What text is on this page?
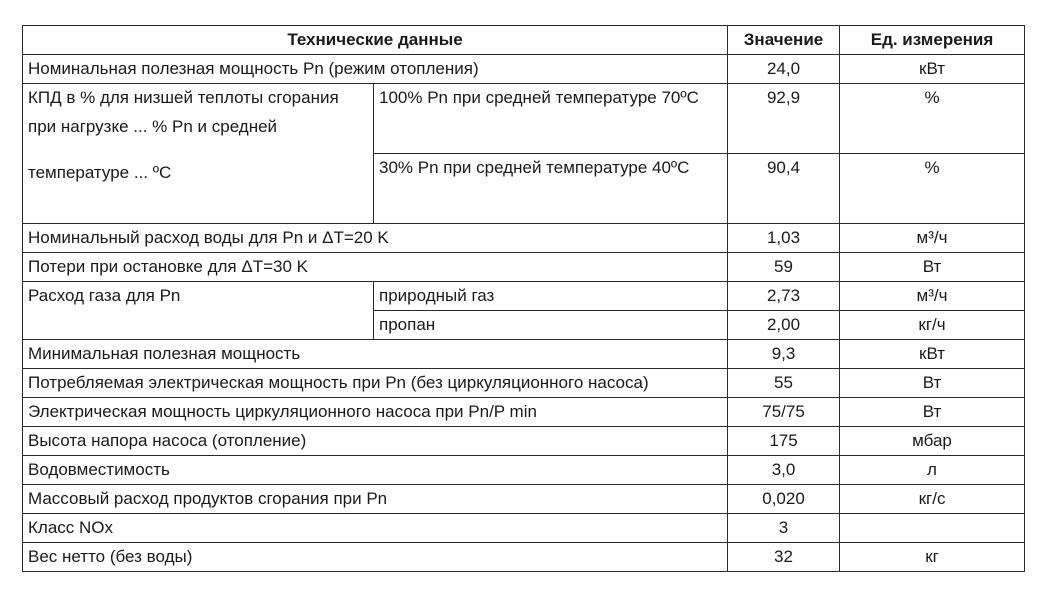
Технические данные		Значение	Ед. измерения
Номинальная полезная мощность Pn (режим отопления)		24,0	кВт

КПД в % для низшей теплоты сгорания
при нагрузке ... % Pn и средней
температуре ... ºС	100% Pn при средней температуре 70ºС	92,9	%
	30% Pn при средней температуре 40ºС	90,4	%
Номинальный расход воды для Pn и ΔT=20 K		1,03	м³/ч
Потери при остановке для ΔT=30 K		59	Вт
Расход газа для Pn	природный газ	2,73	м³/ч
	пропан	2,00	кг/ч
Минимальная полезная мощность		9,3	кВт
Потребляемая электрическая мощность при Pn (без циркуляционного насоса)		55	Вт
Электрическая мощность циркуляционного насоса при Pn/P min		75/75	Вт
Высота напора насоса (отопление)		175	мбар
Водовместимость		3,0	л
Массовый расход продуктов сгорания при Pn		0,020	кг/с
Класс NOx		3	
Вес нетто (без воды)		32	кг
